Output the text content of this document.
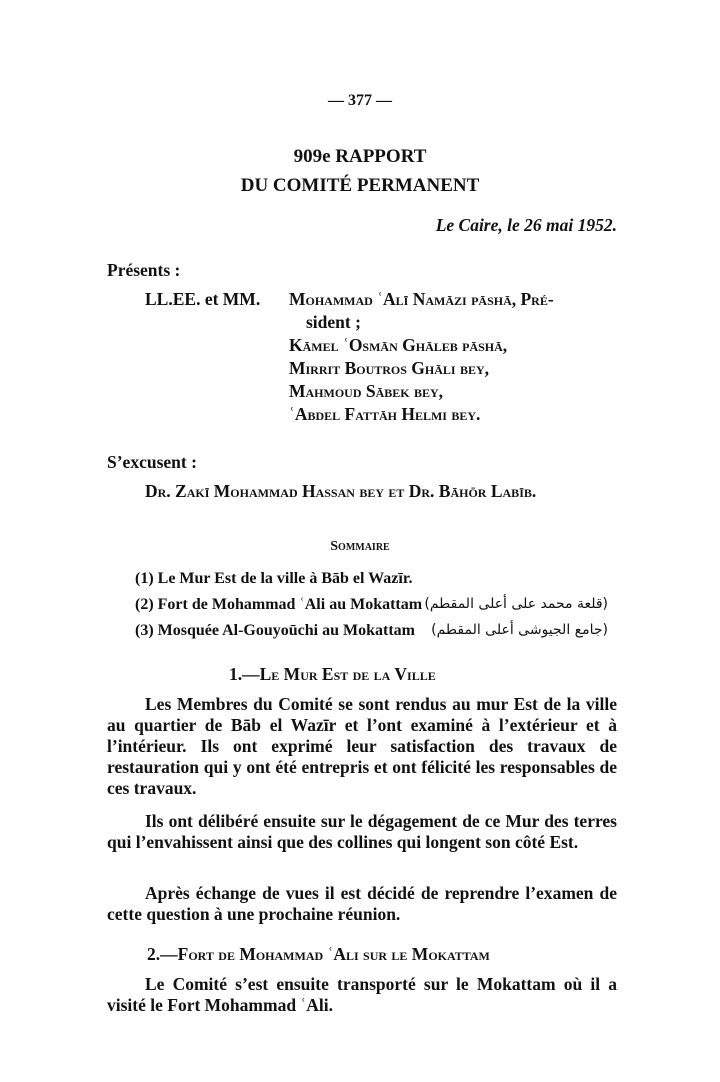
— 377 —
909e RAPPORT
DU COMITÉ PERMANENT
Le Caire, le 26 mai 1952.
Présents :
LL.EE. et MM. Mohammad ʿAlī Namāzi pāshā, Pré-
sident ;
Kāmel ʿOsmān Ghāleb pāshā,
Mirrit Boutros Ghāli bey,
Mahmoud Sābek bey,
ʿAbdel Fattāh Helmi bey.
S’excusent :
Dr. Zakī Mohammad Hassan bey et Dr. Bāhōr Labīb.
Sommaire
(1) Le Mur Est de la ville à Bāb el Wazīr.
(2) Fort de Mohammad ʿAli au Mokattam (قلعة محمد على أعلى المقطم)
(3) Mosquée Al-Gouyoūchi au Mokattam (جامع الجيوشى أعلى المقطم)
1.—Le Mur Est de la Ville
Les Membres du Comité se sont rendus au mur Est de la ville au quartier de Bāb el Wazīr et l’ont examiné à l’extérieur et à l’intérieur. Ils ont exprimé leur satisfaction des travaux de restauration qui y ont été entrepris et ont félicité les responsables de ces travaux.
Ils ont délibéré ensuite sur le dégagement de ce Mur des terres qui l’envahissent ainsi que des collines qui longent son côté Est.
Après échange de vues il est décidé de reprendre l’examen de cette question à une prochaine réunion.
2.—Fort de Mohammad ʿAli sur le Mokattam
Le Comité s’est ensuite transporté sur le Mokattam où il a visité le Fort Mohammad ʿAli.
